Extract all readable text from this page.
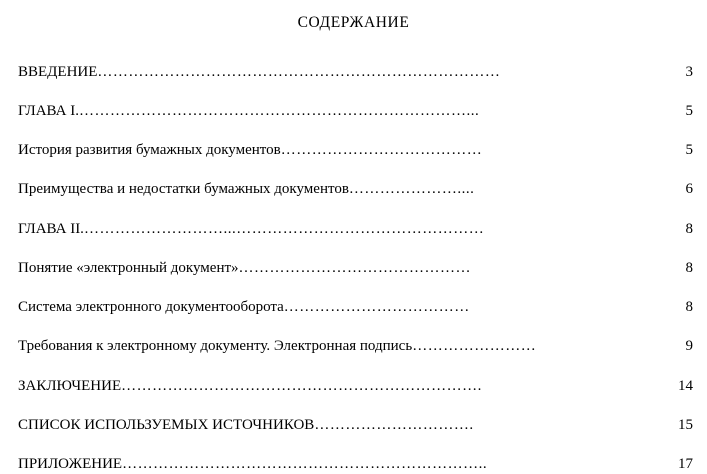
СОДЕРЖАНИЕ
ВВЕДЕНИЕ ……………………………………………………………………	3
ГЛАВА I. …………………………………………………………………...	5
История развития бумажных документов …………………………………	5
Преимущества и недостатки бумажных документов …………………....	6
ГЛАВА II. ………………………...…………………………………………	8
Понятие «электронный документ» ………………………………………	8
Система электронного документооборота ………………………………	8
Требования к электронному документу. Электронная подпись ……………………	9
ЗАКЛЮЧЕНИЕ …………………………………………………………….	14
СПИСОК ИСПОЛЬЗУЕМЫХ ИСТОЧНИКОВ ………………………….	15
ПРИЛОЖЕНИЕ ……………………………………………………………..	17
